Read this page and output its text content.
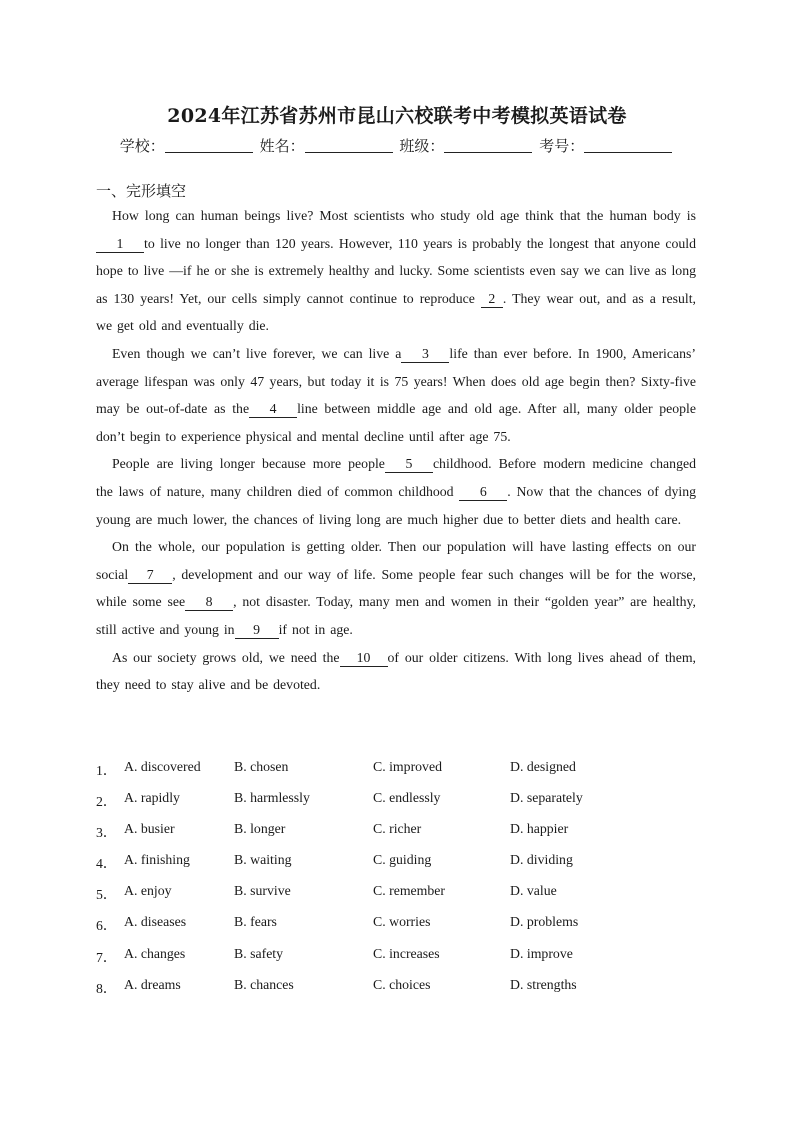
2024年江苏省苏州市昆山六校联考中考模拟英语试卷
学校：	姓名：	班级：	考号：
一、完形填空

How long can human beings live? Most scientists who study old age think that the human body is1 to live no longer than 120 years. However, 110 years is probably the longest that anyone could hope to live —if he or she is extremely healthy and lucky. Some scientists even say we can live as long as 130 years! Yet, our cells simply cannot continue to reproduce 2 . They wear out, and as a result, we get old and eventually die.

Even though we can’t live forever, we can live a 3 life than ever before. In 1900, Americans’ average lifespan was only 47 years, but today it is 75 years! When does old age begin then? Sixty-five may be out-of-date as the 4 line between middle age and old age. After all, many older people don’t begin to experience physical and mental decline until after age 75.

People are living longer because more people 5 childhood. Before modern medicine changed the laws of nature, many children died of common childhood 6 . Now that the chances of dying young are much lower, the chances of living long are much higher due to better diets and health care.

On the whole, our population is getting older. Then our population will have lasting effects on our social 7 , development and our way of life. Some people fear such changes will be for the worse, while some see 8 , not disaster. Today, many men and women in their “golden year” are healthy, still active and young in 9 if not in age.

As our society grows old, we need the 10 of our older citizens. With long lives ahead of them, they need to stay alive and be devoted.

1． A. discovered B. chosen	C. improved	D. designed
2． A. rapidly	B. harmlessly	C. endlessly	D. separately
3． A. busier	B. longer	C. richer	D. happier
4． A. finishing	B. waiting	C. guiding	D. dividing
5． A. enjoy	B. survive	C. remember	D. value
6． A. diseases	B. fears	C. worries	D. problems
7． A. changes	B. safety	C. increases	D. improve
8． A. dreams	B. chances	C. choices	D. strengths
